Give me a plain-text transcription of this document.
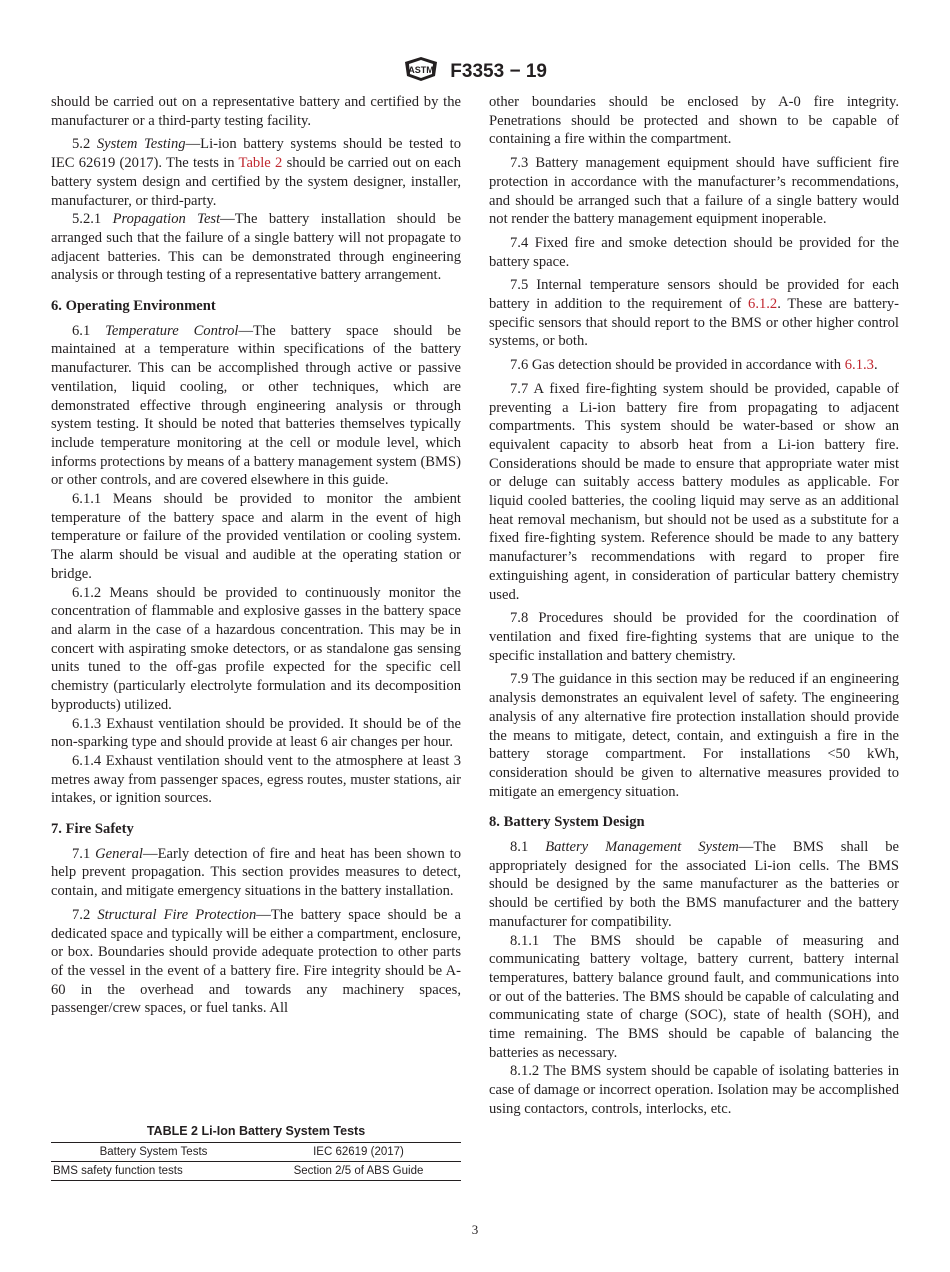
ASTM F3353 − 19

should be carried out on a representative battery and certified by the manufacturer or a third-party testing facility.

5.2 System Testing—Li-ion battery systems should be tested to IEC 62619 (2017). The tests in Table 2 should be carried out on each battery system design and certified by the system designer, installer, manufacturer, or third-party.

5.2.1 Propagation Test—The battery installation should be arranged such that the failure of a single battery will not propagate to adjacent batteries. This can be demonstrated through engineering analysis or through testing of a representative battery arrangement.

6. Operating Environment

6.1 Temperature Control—The battery space should be maintained at a temperature within specifications of the battery manufacturer. This can be accomplished through active or passive ventilation, liquid cooling, or other techniques, which are demonstrated effective through engineering analysis or through system testing. It should be noted that batteries themselves typically include temperature monitoring at the cell or module level, which informs protections by means of a battery management system (BMS) or other controls, and are covered elsewhere in this guide.

6.1.1 Means should be provided to monitor the ambient temperature of the battery space and alarm in the event of high temperature or failure of the provided ventilation or cooling system. The alarm should be visual and audible at the operating station or bridge.

6.1.2 Means should be provided to continuously monitor the concentration of flammable and explosive gasses in the battery space and alarm in the case of a hazardous concentration. This may be in concert with aspirating smoke detectors, or as standalone gas sensing units tuned to the off-gas profile expected for the specific cell chemistry (particularly electrolyte formulation and its decomposition byproducts) utilized.

6.1.3 Exhaust ventilation should be provided. It should be of the non-sparking type and should provide at least 6 air changes per hour.

6.1.4 Exhaust ventilation should vent to the atmosphere at least 3 metres away from passenger spaces, egress routes, muster stations, air intakes, or ignition sources.

7. Fire Safety

7.1 General—Early detection of fire and heat has been shown to help prevent propagation. This section provides measures to detect, contain, and mitigate emergency situations in the battery installation.

7.2 Structural Fire Protection—The battery space should be a dedicated space and typically will be either a compartment, enclosure, or box. Boundaries should provide adequate protection to other parts of the vessel in the event of a battery fire. Fire integrity should be A-60 in the overhead and towards any machinery spaces, passenger/crew spaces, or fuel tanks. All

TABLE 2 Li-Ion Battery System Tests
Battery System Tests	IEC 62619 (2017)
BMS safety function tests	Section 2/5 of ABS Guide

other boundaries should be enclosed by A-0 fire integrity. Penetrations should be protected and shown to be capable of containing a fire within the compartment.

7.3 Battery management equipment should have sufficient fire protection in accordance with the manufacturer’s recommendations, and should be arranged such that a failure of a single battery would not render the battery management equipment inoperable.

7.4 Fixed fire and smoke detection should be provided for the battery space.

7.5 Internal temperature sensors should be provided for each battery in addition to the requirement of 6.1.2. These are battery-specific sensors that should report to the BMS or other higher control systems, or both.

7.6 Gas detection should be provided in accordance with 6.1.3.

7.7 A fixed fire-fighting system should be provided, capable of preventing a Li-ion battery fire from propagating to adjacent compartments. This system should be water-based or show an equivalent capacity to absorb heat from a Li-ion battery fire. Considerations should be made to ensure that appropriate water mist or deluge can suitably access battery modules as applicable. For liquid cooled batteries, the cooling liquid may serve as an additional heat removal mechanism, but should not be used as a substitute for a fixed fire-fighting system. Reference should be made to any battery manufacturer’s recommendations with regard to proper fire extinguishing agent, in consideration of particular battery chemistry used.

7.8 Procedures should be provided for the coordination of ventilation and fixed fire-fighting systems that are unique to the specific installation and battery chemistry.

7.9 The guidance in this section may be reduced if an engineering analysis demonstrates an equivalent level of safety. The engineering analysis of any alternative fire protection installation should provide the means to mitigate, detect, contain, and extinguish a fire in the battery storage compartment. For installations <50 kWh, consideration should be given to alternative measures provided to mitigate an emergency situation.

8. Battery System Design

8.1 Battery Management System—The BMS shall be appropriately designed for the associated Li-ion cells. The BMS should be designed by the same manufacturer as the batteries or should be certified by both the BMS manufacturer and the battery manufacturer for compatibility.

8.1.1 The BMS should be capable of measuring and communicating battery voltage, battery current, battery internal temperatures, battery balance ground fault, and communications into or out of the batteries. The BMS should be capable of calculating and communicating state of charge (SOC), state of health (SOH), and time remaining. The BMS should be capable of balancing the batteries as necessary.

8.1.2 The BMS system should be capable of isolating batteries in case of damage or incorrect operation. Isolation may be accomplished using contactors, controls, interlocks, etc.

3
